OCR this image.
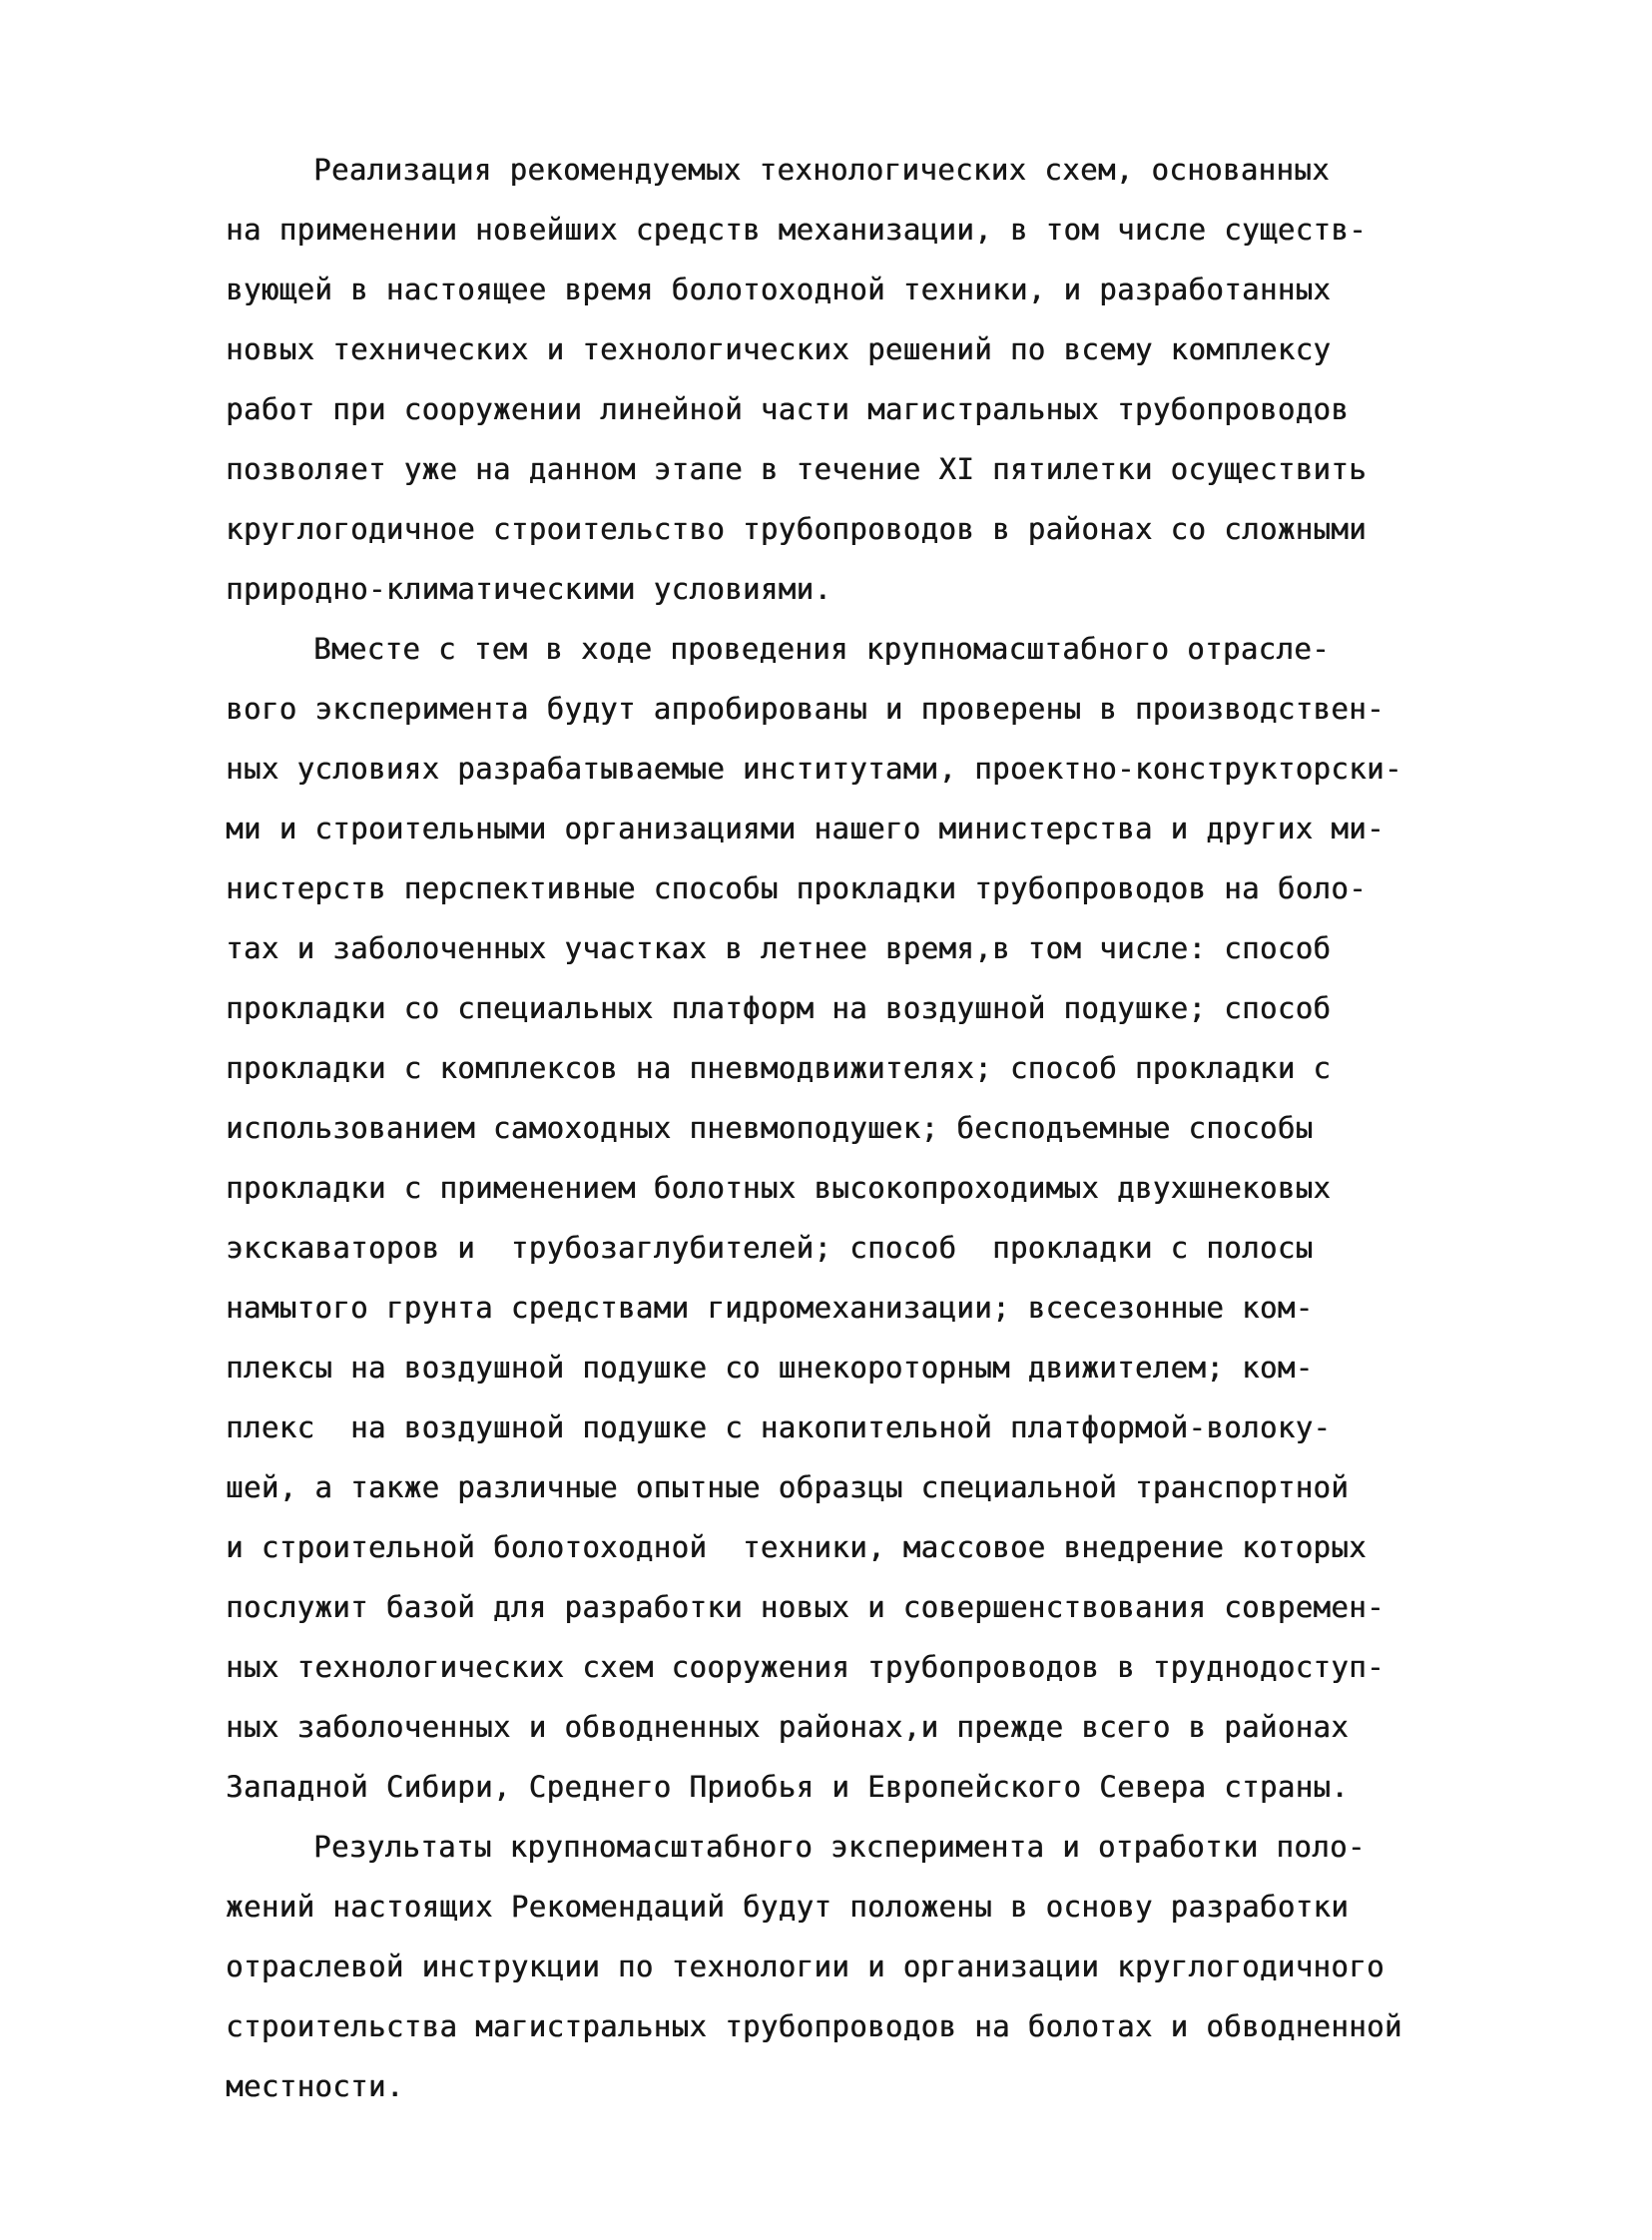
Реализация рекомендуемых технологических схем, основанных
на применении новейших средств механизации, в том числе существ-
вующей в настоящее время болотоходной техники, и разработанных
новых технических и технологических решений по всему комплексу
работ при сооружении линейной части магистральных трубопроводов
позволяет уже на данном этапе в течение XI пятилетки осуществить
круглогодичное строительство трубопроводов в районах со сложными
природно-климатическими условиями.
Вместе с тем в ходе проведения крупномасштабного отраслe-
вого эксперимента будут апробированы и проверены в производствен-
ных условиях разрабатываемые институтами, проектно-конструкторски-
ми и строительными организациями нашего министерства и других ми-
нистерств перспективные способы прокладки трубопроводов на боло-
тах и заболоченных участках в летнее время,в том числе: способ
прокладки со специальных платформ на воздушной подушке; способ
прокладки с комплексов на пневмодвижителях; способ прокладки с
использованием самоходных пневмоподушек; бесподъемные способы
прокладки с применением болотных высокопроходимых двухшнековых
экскаваторов и  трубозаглубителей; способ  прокладки с полосы
намытого грунта средствами гидромеханизации; всесезонные ком-
плексы на воздушной подушке со шнекороторным движителем; ком-
плекс  на воздушной подушке с накопительной платформой-волоку-
шей, а также различные опытные образцы специальной транспортной
и строительной болотоходной  техники, массовое внедрение которых
послужит базой для разработки новых и совершенствования современ-
ных технологических схем сооружения трубопроводов в труднодоступ-
ных заболоченных и обводненных районах,и прежде всего в районах
Западной Сибири, Среднего Приобья и Европейского Севера страны.
Результаты крупномасштабного эксперимента и отработки поло-
жений настоящих Рекомендаций будут положены в основу разработки
отраслевой инструкции по технологии и организации круглогодичного
строительства магистральных трубопроводов на болотах и обводненной
местности.
